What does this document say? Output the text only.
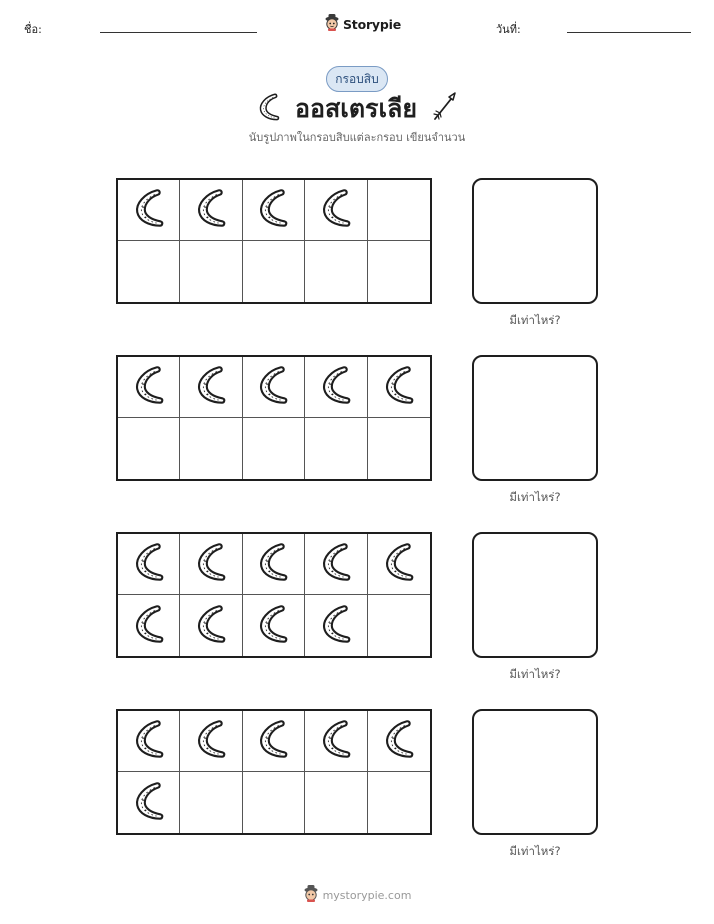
ชื่อ:	Storypie	วันที่:
กรอบสิบ
ออสเตรเลีย
นับรูปภาพในกรอบสิบแต่ละกรอบ เขียนจำนวน
มีเท่าไหร่?
มีเท่าไหร่?
มีเท่าไหร่?
มีเท่าไหร่?
mystorypie.com
